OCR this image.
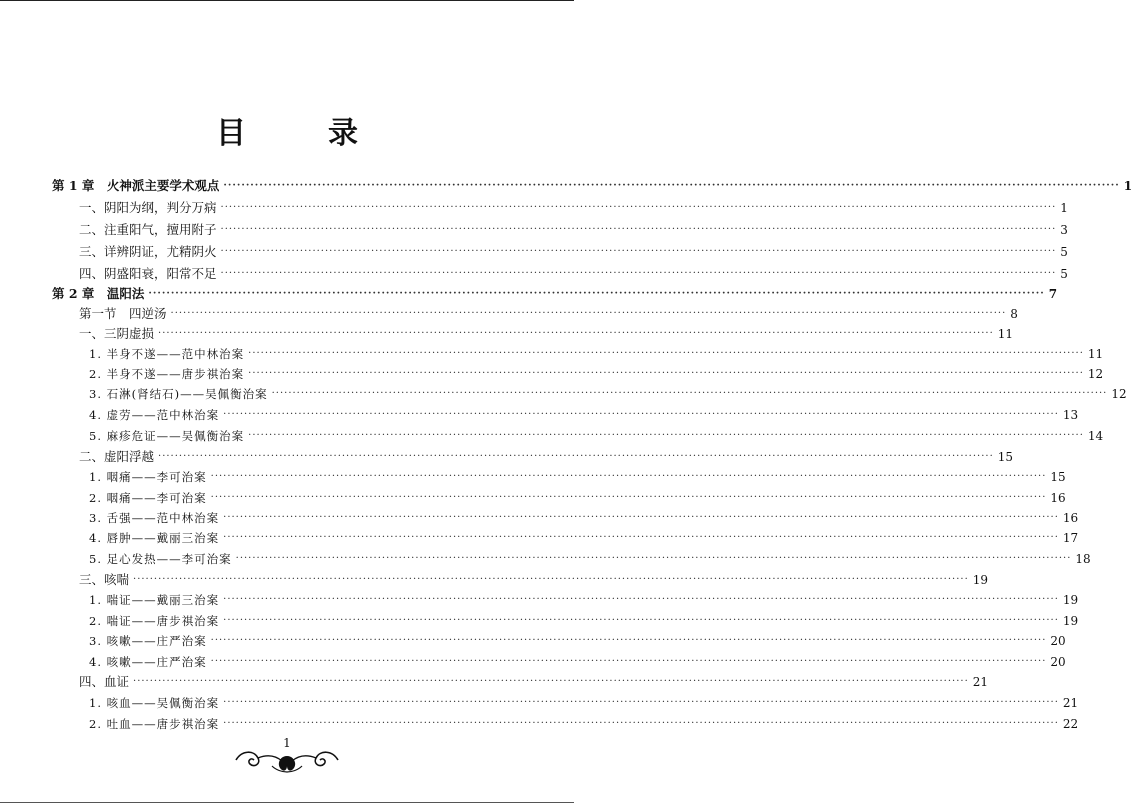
目　录
第 1 章　火神派主要学术观点 ········································································································································································································ 1
一、阴阳为纲，判分万病 ········································································································································································································ 1
二、注重阳气，擅用附子 ········································································································································································································ 3
三、详辨阴证，尤精阴火 ········································································································································································································ 5
四、阴盛阳衰，阳常不足 ········································································································································································································ 5
第 2 章　温阳法 ········································································································································································································ 7
第一节　四逆汤 ········································································································································································································ 8
一、三阴虚损 ········································································································································································································ 11
1. 半身不遂——范中林治案 ········································································································································································································ 11
2. 半身不遂——唐步祺治案 ········································································································································································································ 12
3. 石淋(肾结石)——吴佩衡治案 ········································································································································································································ 12
4. 虚劳——范中林治案 ········································································································································································································ 13
5. 麻疹危证——吴佩衡治案 ········································································································································································································ 14
二、虚阳浮越 ········································································································································································································ 15
1. 咽痛——李可治案 ········································································································································································································ 15
2. 咽痛——李可治案 ········································································································································································································ 16
3. 舌强——范中林治案 ········································································································································································································ 16
4. 唇肿——戴丽三治案 ········································································································································································································ 17
5. 足心发热——李可治案 ········································································································································································································ 18
三、咳喘 ········································································································································································································ 19
1. 喘证——戴丽三治案 ········································································································································································································ 19
2. 喘证——唐步祺治案 ········································································································································································································ 19
3. 咳嗽——庄严治案 ········································································································································································································ 20
4. 咳嗽——庄严治案 ········································································································································································································ 20
四、血证 ········································································································································································································ 21
1. 咳血——吴佩衡治案 ········································································································································································································ 21
2. 吐血——唐步祺治案 ········································································································································································································ 22
1
